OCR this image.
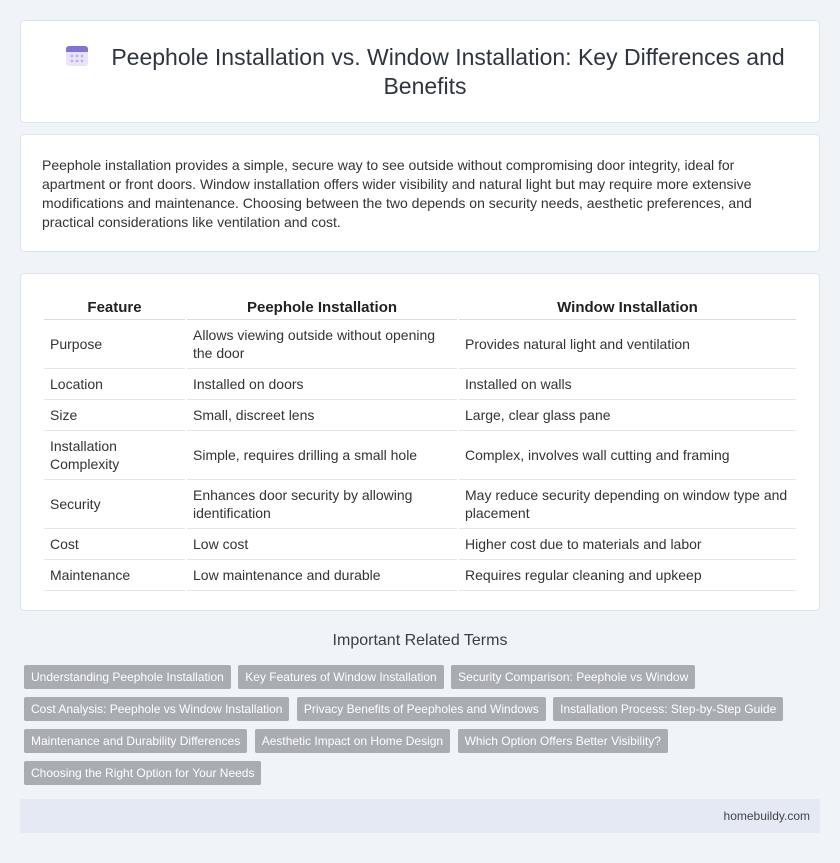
Peephole Installation vs. Window Installation: Key Differences and Benefits

Peephole installation provides a simple, secure way to see outside without compromising door integrity, ideal for apartment or front doors. Window installation offers wider visibility and natural light but may require more extensive modifications and maintenance. Choosing between the two depends on security needs, aesthetic preferences, and practical considerations like ventilation and cost.

Feature	Peephole Installation	Window Installation
Purpose	Allows viewing outside without opening the door	Provides natural light and ventilation
Location	Installed on doors	Installed on walls
Size	Small, discreet lens	Large, clear glass pane
Installation Complexity	Simple, requires drilling a small hole	Complex, involves wall cutting and framing
Security	Enhances door security by allowing identification	May reduce security depending on window type and placement
Cost	Low cost	Higher cost due to materials and labor
Maintenance	Low maintenance and durable	Requires regular cleaning and upkeep
Important Related Terms
Understanding Peephole Installation Key Features of Window Installation Security Comparison: Peephole vs Window
Cost Analysis: Peephole vs Window Installation Privacy Benefits of Peepholes and Windows Installation Process: Step-by-Step Guide
Maintenance and Durability Differences Aesthetic Impact on Home Design Which Option Offers Better Visibility?
Choosing the Right Option for Your Needs
homebuildy.com
